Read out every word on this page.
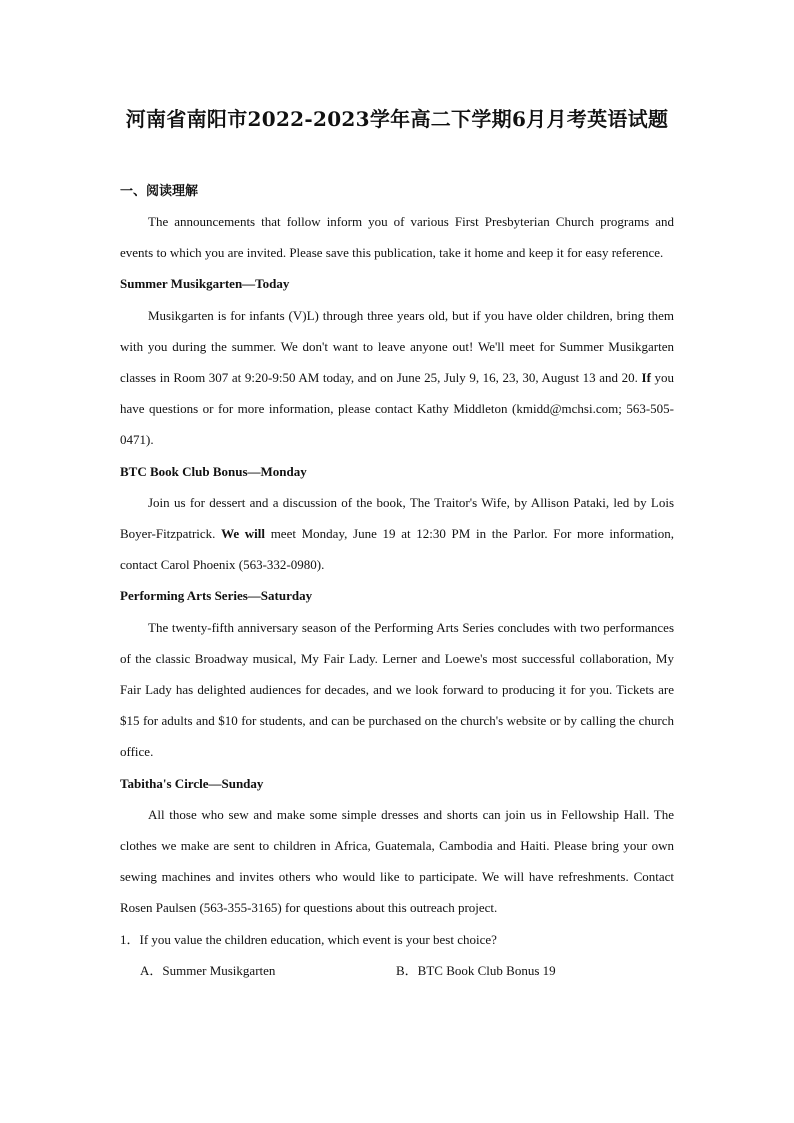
河南省南阳市2022-2023学年高二下学期6月月考英语试题
一、阅读理解
The announcements that follow inform you of various First Presbyterian Church programs and events to which you are invited. Please save this publication, take it home and keep it for easy reference.
Summer Musikgarten—Today
Musikgarten is for infants (V)L) through three years old, but if you have older children, bring them with you during the summer. We don't want to leave anyone out! We'll meet for Summer Musikgarten classes in Room 307 at 9:20-9:50 AM today, and on June 25, July 9, 16, 23, 30, August 13 and 20. If you have questions or for more information, please contact Kathy Middleton (kmidd@mchsi.com; 563-505-0471).
BTC Book Club Bonus—Monday
Join us for dessert and a discussion of the book, The Traitor's Wife, by Allison Pataki, led by Lois Boyer-Fitzpatrick. We will meet Monday, June 19 at 12:30 PM in the Parlor. For more information, contact Carol Phoenix (563-332-0980).
Performing Arts Series—Saturday
The twenty-fifth anniversary season of the Performing Arts Series concludes with two performances of the classic Broadway musical, My Fair Lady. Lerner and Loewe's most successful collaboration, My Fair Lady has delighted audiences for decades, and we look forward to producing it for you. Tickets are $15 for adults and $10 for students, and can be purchased on the church's website or by calling the church office.
Tabitha's Circle—Sunday
All those who sew and make some simple dresses and shorts can join us in Fellowship Hall. The clothes we make are sent to children in Africa, Guatemala, Cambodia and Haiti. Please bring your own sewing machines and invites others who would like to participate. We will have refreshments. Contact Rosen Paulsen (563-355-3165) for questions about this outreach project.
1．If you value the children education, which event is your best choice?
A．Summer Musikgarten	B．BTC Book Club Bonus 19
